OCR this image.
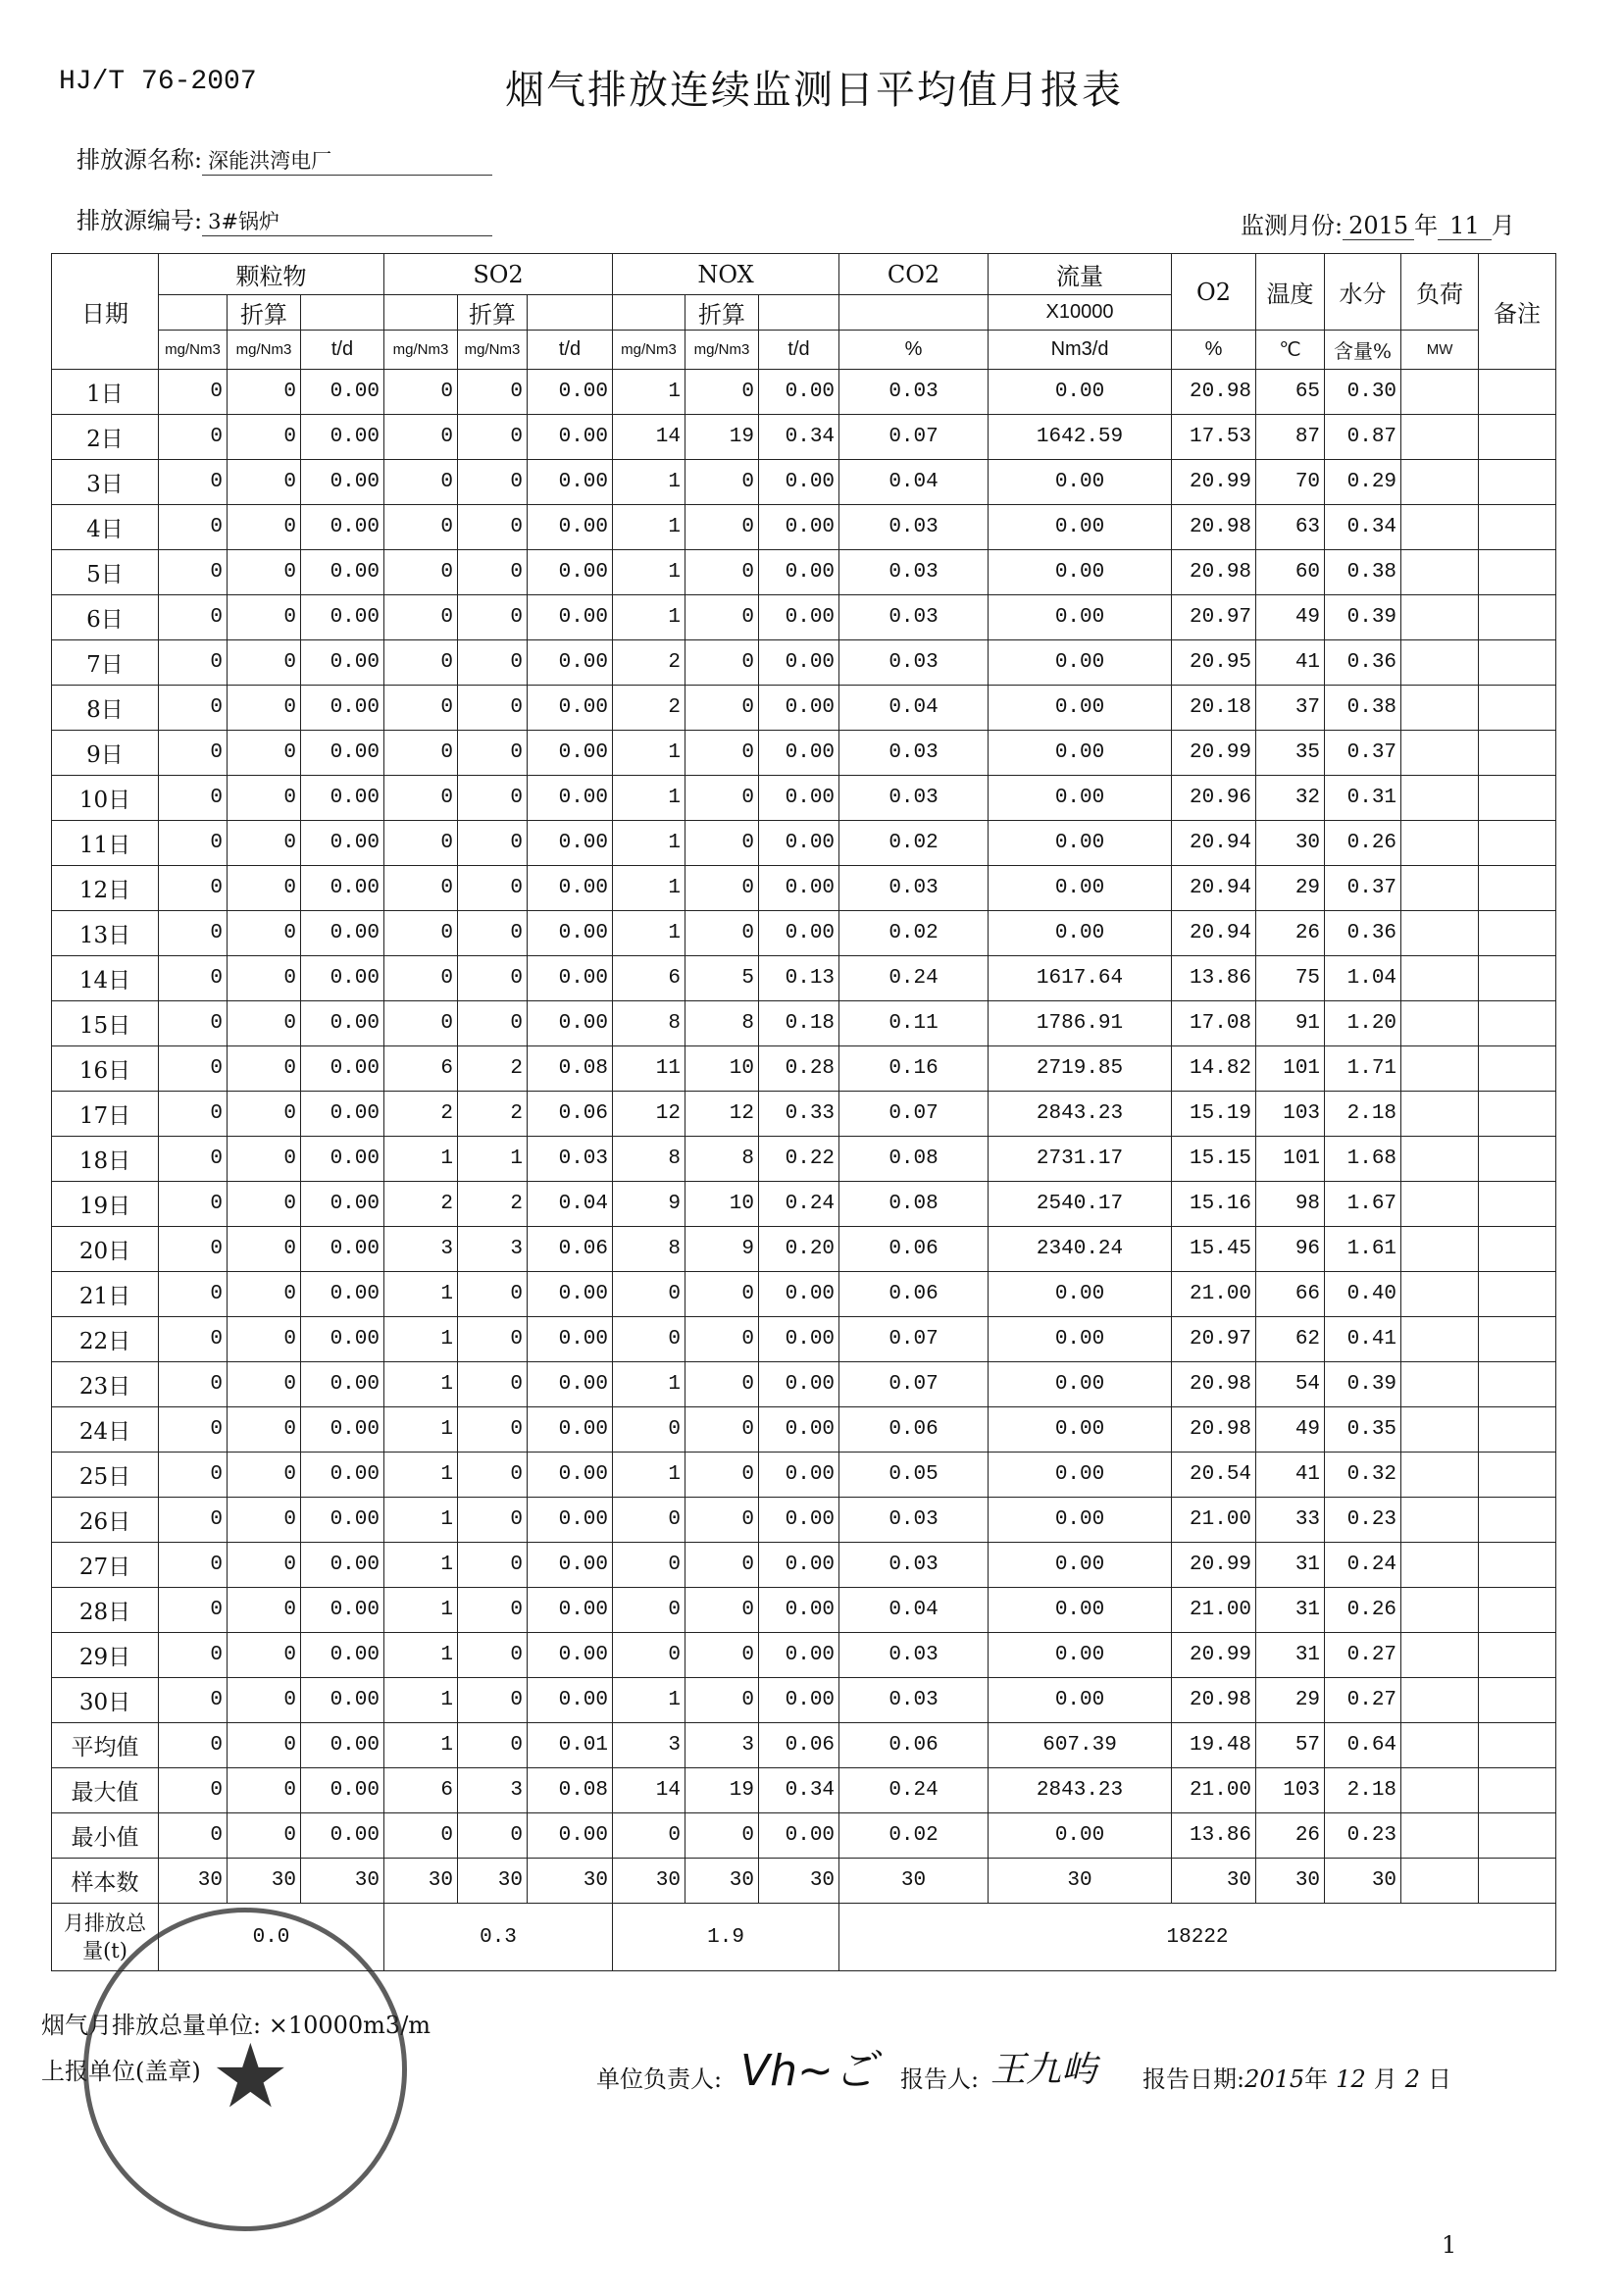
HJ/T 76-2007	烟气排放连续监测日平均值月报表
排放源名称: 深能洪湾电厂
排放源编号: 3#锅炉	监测月份: 2015 年 11 月
日期	颗粒物			SO2			NOX			CO2	流量	O2	温度	水分	负荷	备注
		折算			折算			折算			X10000					
	mg/Nm3	mg/Nm3	t/d	mg/Nm3	mg/Nm3	t/d	mg/Nm3	mg/Nm3	t/d	%	Nm3/d	%	℃	含量%	MW	
1日	0	0	0.00	0	0	0.00	1	0	0.00	0.03	0.00	20.98	65	0.30		
2日	0	0	0.00	0	0	0.00	14	19	0.34	0.07	1642.59	17.53	87	0.87		
3日	0	0	0.00	0	0	0.00	1	0	0.00	0.04	0.00	20.99	70	0.29		
4日	0	0	0.00	0	0	0.00	1	0	0.00	0.03	0.00	20.98	63	0.34		
5日	0	0	0.00	0	0	0.00	1	0	0.00	0.03	0.00	20.98	60	0.38		
6日	0	0	0.00	0	0	0.00	1	0	0.00	0.03	0.00	20.97	49	0.39		
7日	0	0	0.00	0	0	0.00	2	0	0.00	0.03	0.00	20.95	41	0.36		
8日	0	0	0.00	0	0	0.00	2	0	0.00	0.04	0.00	20.18	37	0.38		
9日	0	0	0.00	0	0	0.00	1	0	0.00	0.03	0.00	20.99	35	0.37		
10日	0	0	0.00	0	0	0.00	1	0	0.00	0.03	0.00	20.96	32	0.31		
11日	0	0	0.00	0	0	0.00	1	0	0.00	0.02	0.00	20.94	30	0.26		
12日	0	0	0.00	0	0	0.00	1	0	0.00	0.03	0.00	20.94	29	0.37		
13日	0	0	0.00	0	0	0.00	1	0	0.00	0.02	0.00	20.94	26	0.36		
14日	0	0	0.00	0	0	0.00	6	5	0.13	0.24	1617.64	13.86	75	1.04		
15日	0	0	0.00	0	0	0.00	8	8	0.18	0.11	1786.91	17.08	91	1.20		
16日	0	0	0.00	6	2	0.08	11	10	0.28	0.16	2719.85	14.82	101	1.71		
17日	0	0	0.00	2	2	0.06	12	12	0.33	0.07	2843.23	15.19	103	2.18		
18日	0	0	0.00	1	1	0.03	8	8	0.22	0.08	2731.17	15.15	101	1.68		
19日	0	0	0.00	2	2	0.04	9	10	0.24	0.08	2540.17	15.16	98	1.67		
20日	0	0	0.00	3	3	0.06	8	9	0.20	0.06	2340.24	15.45	96	1.61		
21日	0	0	0.00	1	0	0.00	0	0	0.00	0.06	0.00	21.00	66	0.40		
22日	0	0	0.00	1	0	0.00	0	0	0.00	0.07	0.00	20.97	62	0.41		
23日	0	0	0.00	1	0	0.00	1	0	0.00	0.07	0.00	20.98	54	0.39		
24日	0	0	0.00	1	0	0.00	0	0	0.00	0.06	0.00	20.98	49	0.35		
25日	0	0	0.00	1	0	0.00	1	0	0.00	0.05	0.00	20.54	41	0.32		
26日	0	0	0.00	1	0	0.00	0	0	0.00	0.03	0.00	21.00	33	0.23		
27日	0	0	0.00	1	0	0.00	0	0	0.00	0.03	0.00	20.99	31	0.24		
28日	0	0	0.00	1	0	0.00	0	0	0.00	0.04	0.00	21.00	31	0.26		
29日	0	0	0.00	1	0	0.00	0	0	0.00	0.03	0.00	20.99	31	0.27		
30日	0	0	0.00	1	0	0.00	1	0	0.00	0.03	0.00	20.98	29	0.27		
平均值	0	0	0.00	1	0	0.01	3	3	0.06	0.06	607.39	19.48	57	0.64		
最大值	0	0	0.00	6	3	0.08	14	19	0.34	0.24	2843.23	21.00	103	2.18		
最小值	0	0	0.00	0	0	0.00	0	0	0.00	0.02	0.00	13.86	26	0.23		
样本数	30	30	30	30	30	30	30	30	30	30	30	30	30	30		
月排放总量(t)	0.0			0.3			1.9			18222						
烟气月排放总量单位: ×10000m3/m
上报单位(盖章) ★	单位负责人: Vh~ご 报告人: 王九屿 报告日期:2015年 12 月 2 日
1
